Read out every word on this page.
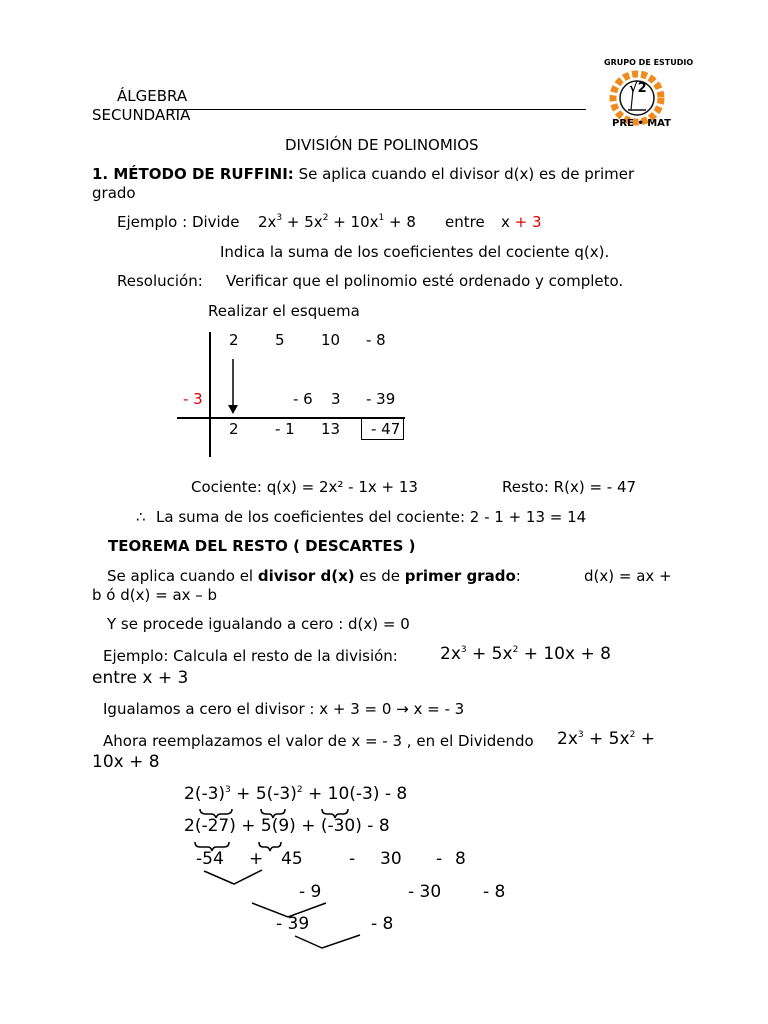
ÁLGEBRA
SECUNDARIA
GRUPO DE ESTUDIO
√2
PRE • MAT
DIVISIÓN DE POLINOMIOS
1. MÉTODO DE RUFFINI: Se aplica cuando el divisor d(x) es de primer
grado
Ejemplo : Divide $2x^3 + 5x^2 + 10x^1 + 8$ entre x + 3
Indica la suma de los coeficientes del cociente q(x).
Resolución: Verificar que el polinomio esté ordenado y completo.
Realizar el esquema
2 5 10 - 8
- 3	- 6 3 - 39
2 - 1 13 - 47
Cociente: q(x) = 2x² - 1x + 13	Resto: R(x) = - 47
∴ La suma de los coeficientes del cociente: 2 - 1 + 13 = 14
TEOREMA DEL RESTO ( DESCARTES )
Se aplica cuando el divisor d(x) es de primer grado:	d(x) = ax +
b ó d(x) = ax – b
Y se procede igualando a cero : d(x) = 0
Ejemplo: Calcula el resto de la división: $2x^3 + 5x^2 + 10x + 8$
entre x + 3
Igualamos a cero el divisor : x + 3 = 0 → x = - 3
Ahora reemplazamos el valor de x = - 3 , en el Dividendo $2x^3 + 5x^2$ +
10x + 8
$2(-3)^3 + 5(-3)^2 + 10(-3) - 8$
2(-27) + 5(9) + (-30) - 8
-54 + 45	- 30 - 8
- 9	- 30 - 8
- 39	- 8
